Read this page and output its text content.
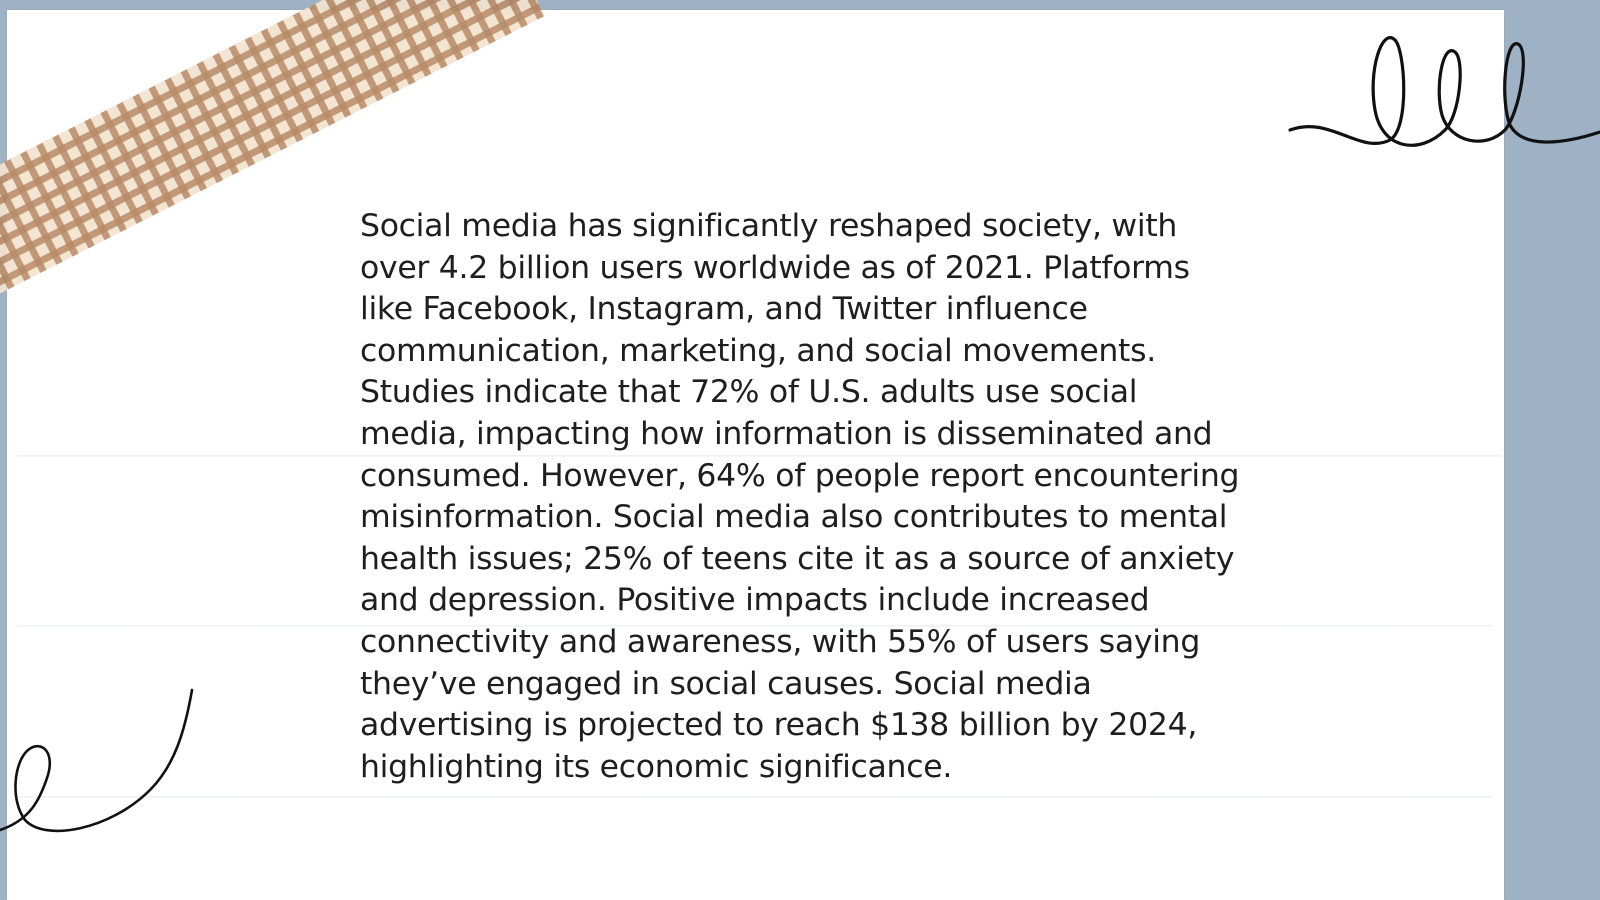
Social media has significantly reshaped society, with over 4.2 billion users worldwide as of 2021. Platforms like Facebook, Instagram, and Twitter influence communication, marketing, and social movements. Studies indicate that 72% of U.S. adults use social media, impacting how information is disseminated and consumed. However, 64% of people report encountering misinformation. Social media also contributes to mental health issues; 25% of teens cite it as a source of anxiety and depression. Positive impacts include increased connectivity and awareness, with 55% of users saying they’ve engaged in social causes. Social media advertising is projected to reach $138 billion by 2024, highlighting its economic significance.
